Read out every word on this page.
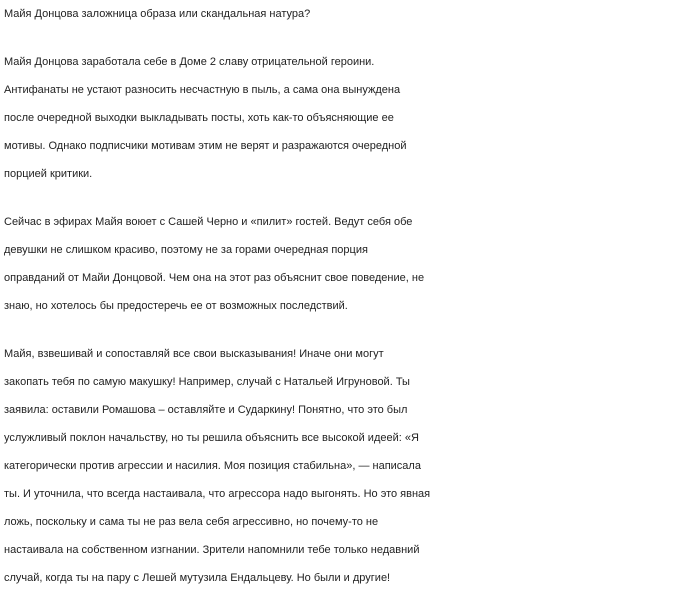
Майя Донцова заложница образа или скандальная натура?

Майя Донцова заработала себе в Доме 2 славу отрицательной героини.
Антифанаты не устают разносить несчастную в пыль, а сама она вынуждена
после очередной выходки выкладывать посты, хоть как-то объясняющие ее
мотивы. Однако подписчики мотивам этим не верят и разражаются очередной
порцией критики.

Сейчас в эфирах Майя воюет с Сашей Черно и «пилит» гостей. Ведут себя обе
девушки не слишком красиво, поэтому не за горами очередная порция
оправданий от Майи Донцовой. Чем она на этот раз объяснит свое поведение, не
знаю, но хотелось бы предостеречь ее от возможных последствий.

Майя, взвешивай и сопоставляй все свои высказывания! Иначе они могут
закопать тебя по самую макушку! Например, случай с Натальей Игруновой. Ты
заявила: оставили Ромашова – оставляйте и Сударкину! Понятно, что это был
услужливый поклон начальству, но ты решила объяснить все высокой идеей: «Я
категорически против агрессии и насилия. Моя позиция стабильна», — написала
ты. И уточнила, что всегда настаивала, что агрессора надо выгонять. Но это явная
ложь, поскольку и сама ты не раз вела себя агрессивно, но почему-то не
настаивала на собственном изгнании. Зрители напомнили тебе только недавний
случай, когда ты на пару с Лешей мутузила Ендальцеву. Но были и другие!
